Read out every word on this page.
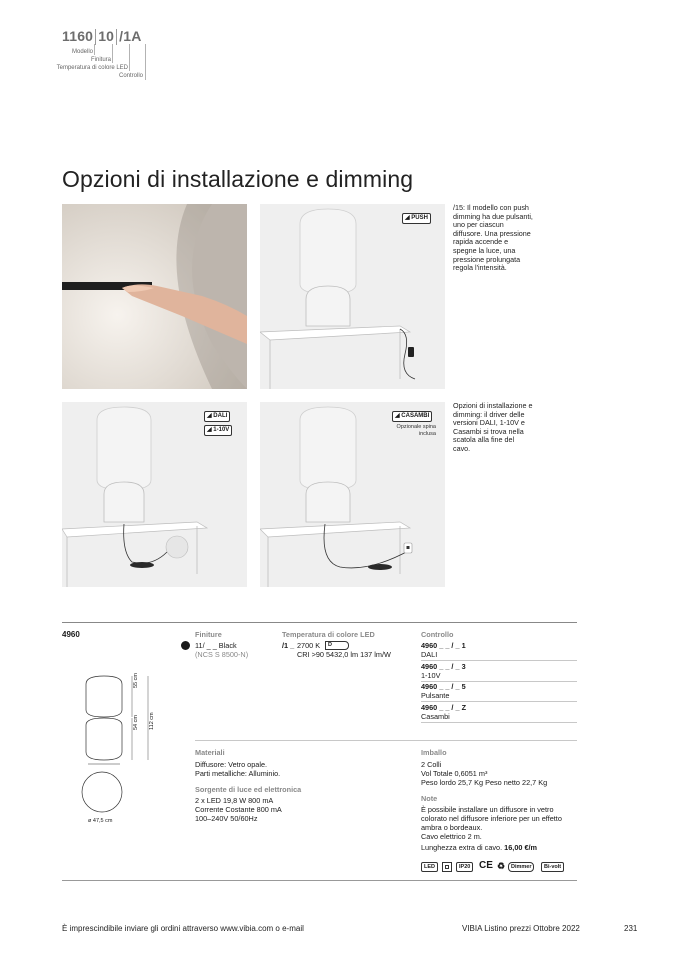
1160 10 /1A
Modello
Finitura
Temperatura di colore LED
Controllo
Opzioni di installazione e dimming
◢ PUSH
/15: Il modello con push dimming ha due pulsanti, uno per ciascun diffusore. Una pressione rapida accende e spegne la luce, una pressione prolungata regola l'intensità.
◢ DALI
◢ 1-10V
◢ CASAMBI
Opzionale spina inclusa
Opzioni di installazione e dimming: il driver delle versioni DALI, 1-10V e Casambi si trova nella scatola alla fine del cavo.
4960
55 cm
54 cm 112 cm
ø 47,5 cm
Finiture
11/ _ _ Black
(NCS S 8500-N)
Temperatura di colore LED
/1 _ 2700 K	D
CRI >90 5432,0 lm 137 lm/W
Controllo
4960 _ _ / _ 1
DALI
4960 _ _ / _ 3
1-10V
4960 _ _ / _ 5
Pulsante
4960 _ _ / _ Z
Casambi
Materiali
Diffusore: Vetro opale.
Parti metalliche: Alluminio.
Sorgente di luce ed elettronica
2 x LED 19,8 W 800 mA
Corrente Costante 800 mA
100–240V 50/60Hz
Imballo
2 Colli
Vol Totale 0,6051 m³
Peso lordo 25,7 Kg Peso netto 22,7 Kg
Note
È possibile installare un diffusore in vetro colorato nel diffusore inferiore per un effetto ambra o bordeaux.
Cavo elettrico 2 m.
Lunghezza extra di cavo. 16,00 €/m
LED	IP20 CE ♻	Dimmer	Bi-volt
È imprescindibile inviare gli ordini attraverso www.vibia.com o e-mail	VIBIA Listino prezzi Ottobre 2022	231
